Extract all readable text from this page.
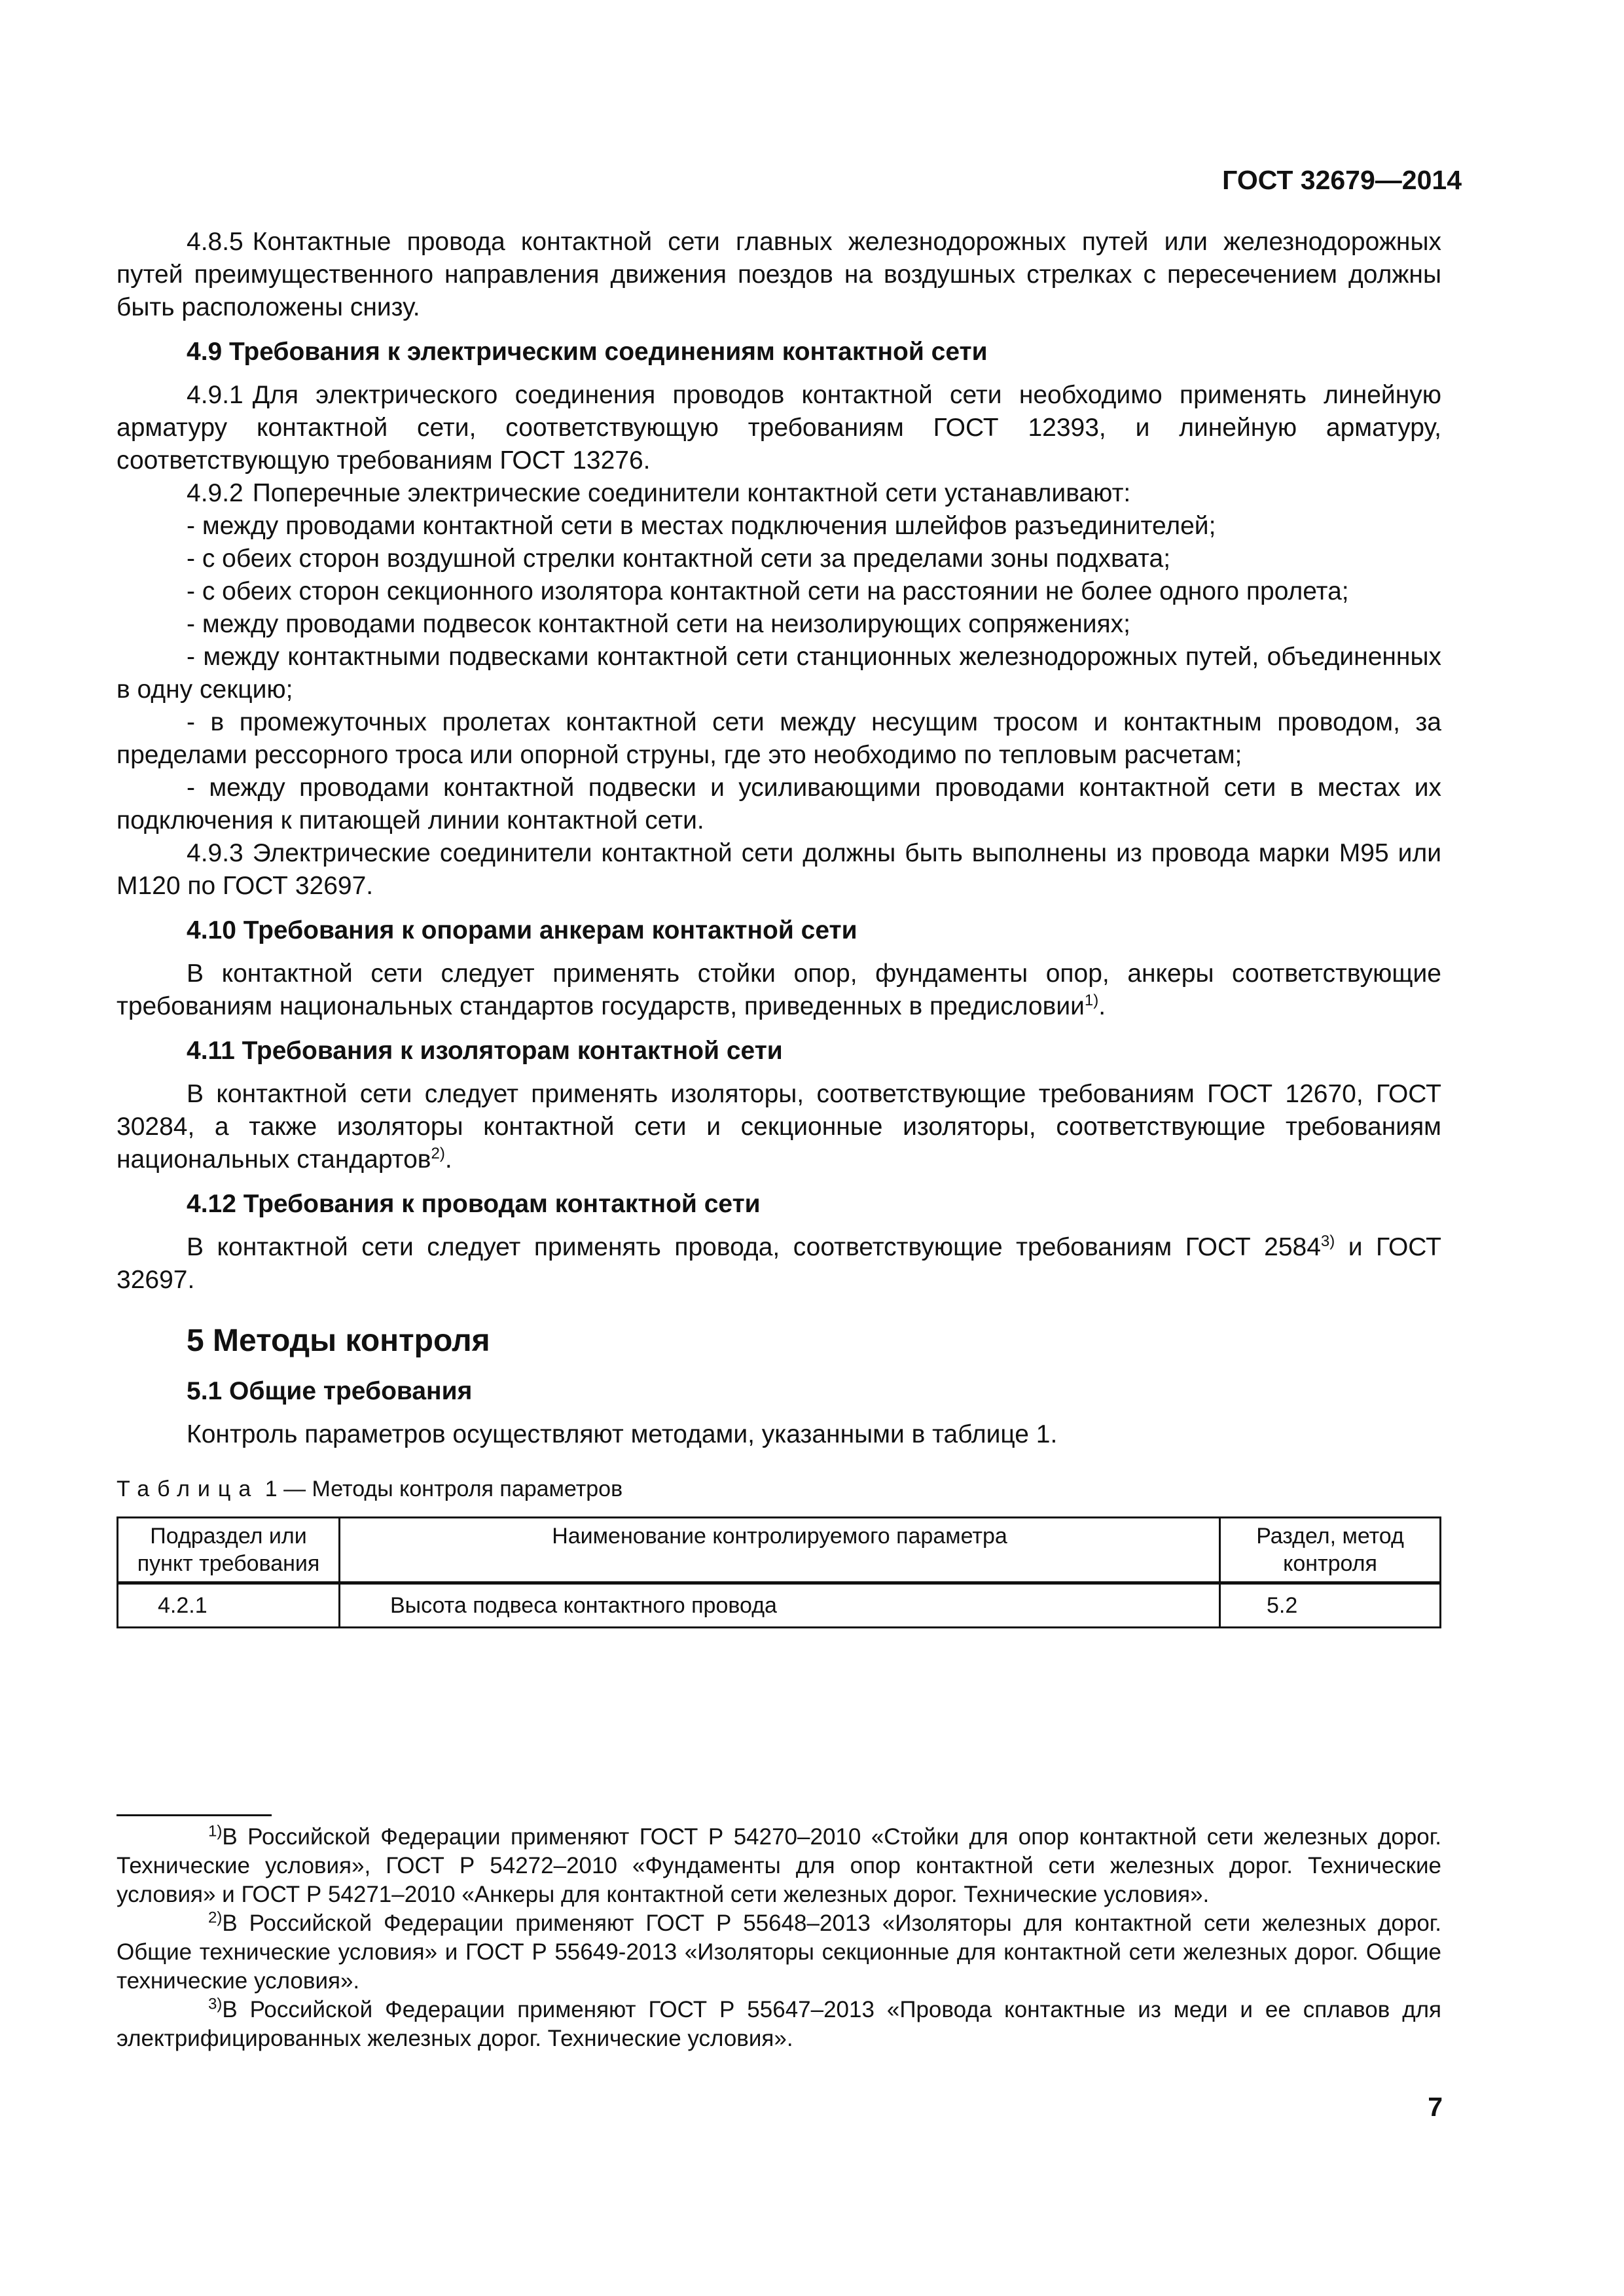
ГОСТ 32679—2014

4.8.5 Контактные провода контактной сети главных железнодорожных путей или железнодорожных путей преимущественного направления движения поездов на воздушных стрелках с пересечением должны быть расположены снизу.

4.9 Требования к электрическим соединениям контактной сети

4.9.1 Для электрического соединения проводов контактной сети необходимо применять линейную арматуру контактной сети, соответствующую требованиям ГОСТ 12393, и линейную арматуру, соответствующую требованиям ГОСТ 13276.

4.9.2 Поперечные электрические соединители контактной сети устанавливают:

- между проводами контактной сети в местах подключения шлейфов разъединителей;

- с обеих сторон воздушной стрелки контактной сети за пределами зоны подхвата;

- с обеих сторон секционного изолятора контактной сети на расстоянии не более одного пролета;

- между проводами подвесок контактной сети на неизолирующих сопряжениях;

- между контактными подвесками контактной сети станционных железнодорожных путей, объединенных в одну секцию;

- в промежуточных пролетах контактной сети между несущим тросом и контактным проводом, за пределами рессорного троса или опорной струны, где это необходимо по тепловым расчетам;

- между проводами контактной подвески и усиливающими проводами контактной сети в местах их подключения к питающей линии контактной сети.

4.9.3 Электрические соединители контактной сети должны быть выполнены из провода марки М95 или М120 по ГОСТ 32697.

4.10 Требования к опорами анкерам контактной сети

В контактной сети следует применять стойки опор, фундаменты опор, анкеры соответствующие требованиям национальных стандартов государств, приведенных в предисловии$^{1)}$.

4.11 Требования к изоляторам контактной сети

В контактной сети следует применять изоляторы, соответствующие требованиям ГОСТ 12670, ГОСТ 30284, а также изоляторы контактной сети и секционные изоляторы, соответствующие требованиям национальных стандартов$^{2)}$.

4.12 Требования к проводам контактной сети

В контактной сети следует применять провода, соответствующие требованиям ГОСТ 2584$^{3)}$ и ГОСТ 32697.

5 Методы контроля
5.1 Общие требования

Контроль параметров осуществляют методами, указанными в таблице 1.

Таблица 1 — Методы контроля параметров
Подраздел или пункт требования	Наименование контролируемого параметра	Раздел, метод контроля
4.2.1	Высота подвеса контактного провода	5.2

$^{1)}$В Российской Федерации применяют ГОСТ Р 54270–2010 «Стойки для опор контактной сети железных дорог. Технические условия», ГОСТ Р 54272–2010 «Фундаменты для опор контактной сети железных дорог. Технические условия» и ГОСТ Р 54271–2010 «Анкеры для контактной сети железных дорог. Технические условия».

$^{2)}$В Российской Федерации применяют ГОСТ Р 55648–2013 «Изоляторы для контактной сети железных дорог. Общие технические условия» и ГОСТ Р 55649-2013 «Изоляторы секционные для контактной сети железных дорог. Общие технические условия».

$^{3)}$В Российской Федерации применяют ГОСТ Р 55647–2013 «Провода контактные из меди и ее сплавов для электрифицированных железных дорог. Технические условия».

7
